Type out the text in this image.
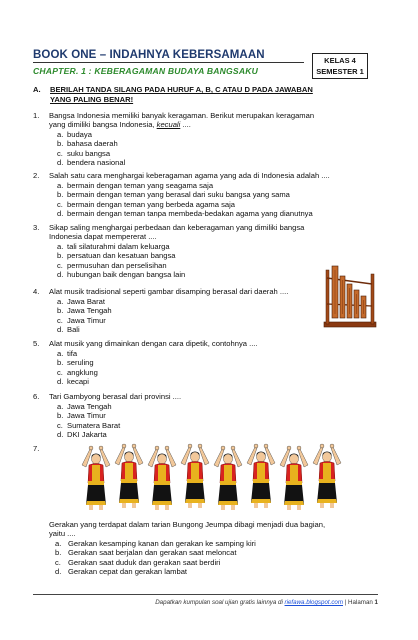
BOOK ONE – INDAHNYA KEBERSAMAAN
CHAPTER. 1 : KEBERAGAMAN BUDAYA BANGSAKU
KELAS 4
SEMESTER 1
A. BERILAH TANDA SILANG PADA HURUF A, B, C ATAU D PADA JAWABAN
YANG PALING BENAR!
1. Bangsa Indonesia memiliki banyak keragaman. Berikut merupakan keragaman
yang dimiliki bangsa Indonesia, kecuali ....
a. budaya
b. bahasa daerah
c. suku bangsa
d. bendera nasional
2. Salah satu cara menghargai keberagaman agama yang ada di Indonesia adalah ....
a. bermain dengan teman yang seagama saja
b. bermain dengan teman yang berasal dari suku bangsa yang sama
c. bermain dengan teman yang berbeda agama saja
d. bermain dengan teman tanpa membeda-bedakan agama yang dianutnya
3. Sikap saling menghargai perbedaan dan keberagaman yang dimiliki bangsa
Indonesia dapat mempererat ....
a. tali silaturahmi dalam keluarga
b. persatuan dan kesatuan bangsa
c. permusuhan dan perselisihan
d. hubungan baik dengan bangsa lain
4. Alat musik tradisional seperti gambar disamping berasal dari daerah ....
a. Jawa Barat
b. Jawa Tengah
c. Jawa Timur
d. Bali
5. Alat musik yang dimainkan dengan cara dipetik, contohnya ....
a. tifa
b. seruling
c. angklung
d. kecapi
6. Tari Gambyong berasal dari provinsi ....
a. Jawa Tengah
b. Jawa Timur
c. Sumatera Barat
d. DKI Jakarta
7.
Gerakan yang terdapat dalam tarian Bungong Jeumpa dibagi menjadi dua bagian,
yaitu ....
a. Gerakan kesamping kanan dan gerakan ke samping kiri
b. Gerakan saat berjalan dan gerakan saat meloncat
c. Gerakan saat duduk dan gerakan saat berdiri
d. Gerakan cepat dan gerakan lambat
Dapatkan kumpulan soal ujian gratis lainnya di riefawa.blogspot.com | Halaman 1
